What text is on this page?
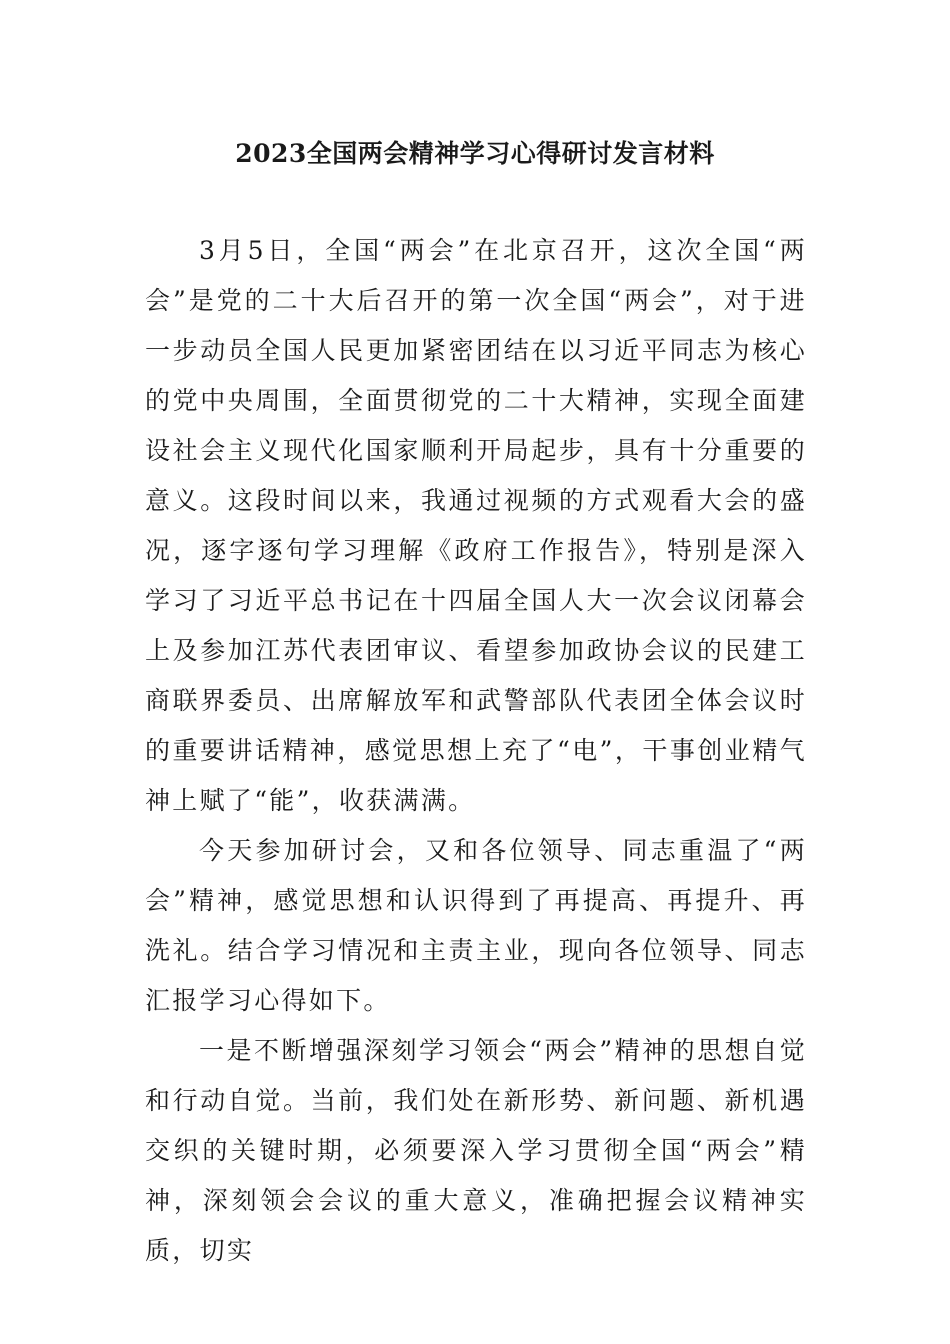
2023全国两会精神学习心得研讨发言材料

3月5日，全国“两会”在北京召开，这次全国“两会”是党的二十大后召开的第一次全国“两会”，对于进一步动员全国人民更加紧密团结在以习近平同志为核心的党中央周围，全面贯彻党的二十大精神，实现全面建设社会主义现代化国家顺利开局起步，具有十分重要的意义。这段时间以来，我通过视频的方式观看大会的盛况，逐字逐句学习理解《政府工作报告》，特别是深入学习了习近平总书记在十四届全国人大一次会议闭幕会上及参加江苏代表团审议、看望参加政协会议的民建工商联界委员、出席解放军和武警部队代表团全体会议时的重要讲话精神，感觉思想上充了“电”，干事创业精气神上赋了“能”，收获满满。

今天参加研讨会，又和各位领导、同志重温了“两会”精神，感觉思想和认识得到了再提高、再提升、再洗礼。结合学习情况和主责主业，现向各位领导、同志汇报学习心得如下。

一是不断增强深刻学习领会“两会”精神的思想自觉和行动自觉。当前，我们处在新形势、新问题、新机遇交织的关键时期，必须要深入学习贯彻全国“两会”精神，深刻领会会议的重大意义，准确把握会议精神实质，切实
